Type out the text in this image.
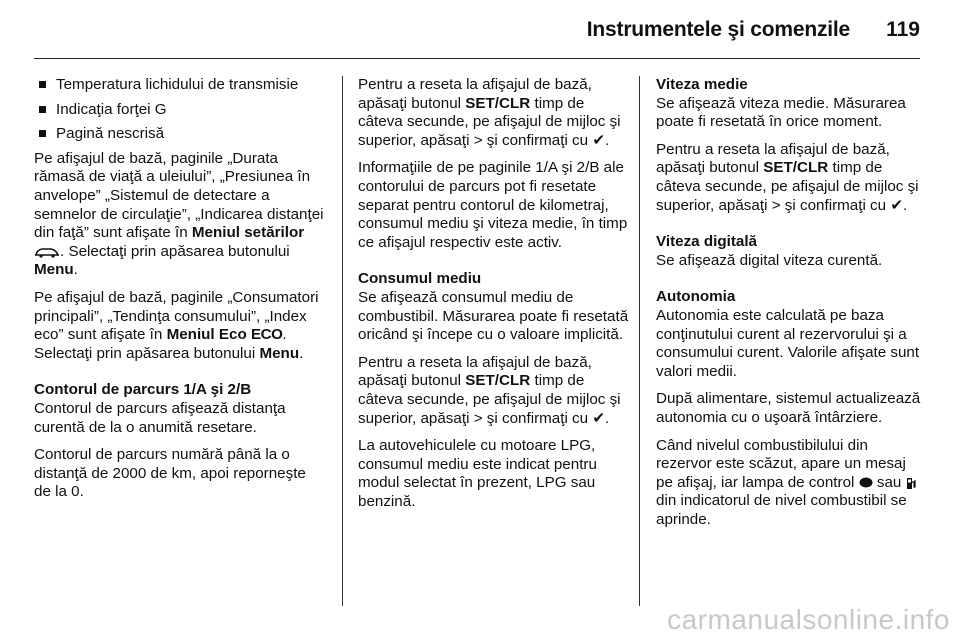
Instrumentele şi comenzile 119
Temperatura lichidului de transmisie
Indicaţia forţei G
Pagină nescrisă

Pe afişajul de bază, paginile „Durata rămasă de viaţă a uleiului”, „Presiunea în anvelope” „Sistemul de detectare a semnelor de circulaţie”, „Indicarea distanţei din faţă” sunt afişate în Meniul setărilor . Selectaţi prin apăsarea butonului Menu.

Pe afişajul de bază, paginile „Consumatori principali”, „Tendinţa consumului”, „Index eco” sunt afişate în Meniul Eco ECO. Selectaţi prin apăsarea butonului Menu.

Contorul de parcurs 1/A şi 2/B

Contorul de parcurs afişează distanţa curentă de la o anumită resetare.

Contorul de parcurs numără până la o distanţă de 2000 de km, apoi reporneşte de la 0.

Pentru a reseta la afişajul de bază, apăsaţi butonul SET/CLR timp de câteva secunde, pe afişajul de mijloc şi superior, apăsaţi > şi confirmaţi cu ✔.

Informaţiile de pe paginile 1/A şi 2/B ale contorului de parcurs pot fi resetate separat pentru contorul de kilometraj, consumul mediu şi viteza medie, în timp ce afişajul respectiv este activ.

Consumul mediu

Se afişează consumul mediu de combustibil. Măsurarea poate fi resetată oricând şi începe cu o valoare implicită.

Pentru a reseta la afişajul de bază, apăsaţi butonul SET/CLR timp de câteva secunde, pe afişajul de mijloc şi superior, apăsaţi > şi confirmaţi cu ✔.

La autovehiculele cu motoare LPG, consumul mediu este indicat pentru modul selectat în prezent, LPG sau benzină.

Viteza medie

Se afişează viteza medie. Măsurarea poate fi resetată în orice moment.

Pentru a reseta la afişajul de bază, apăsaţi butonul SET/CLR timp de câteva secunde, pe afişajul de mijloc şi superior, apăsaţi > şi confirmaţi cu ✔.

Viteza digitală

Se afişează digital viteza curentă.

Autonomia

Autonomia este calculată pe baza conţinutului curent al rezervorului şi a consumului curent. Valorile afişate sunt valori medii.

După alimentare, sistemul actualizează autonomia cu o uşoară întârziere.

Când nivelul combustibilului din rezervor este scăzut, apare un mesaj pe afişaj, iar lampa de control sau  din indicatorul de nivel combustibil se aprinde.

carmanualsonline.info
